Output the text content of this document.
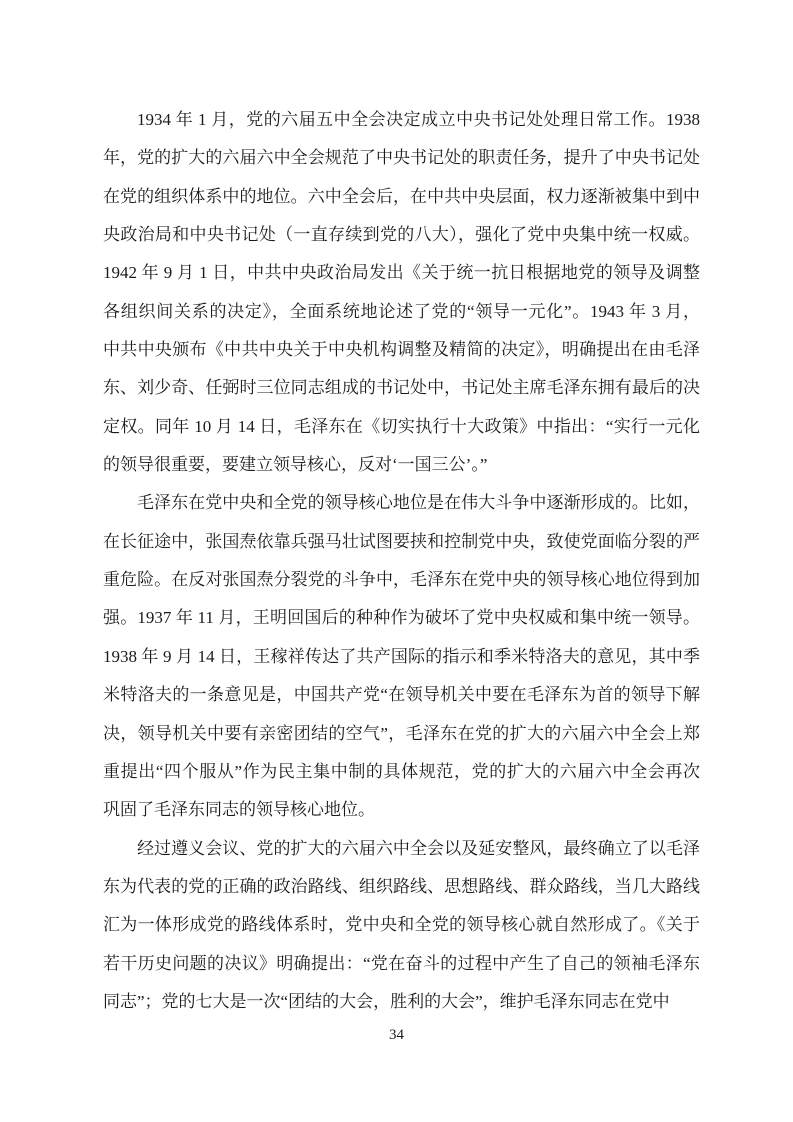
1934 年 1 月，党的六届五中全会决定成立中央书记处处理日常工作。1938
年，党的扩大的六届六中全会规范了中央书记处的职责任务，提升了中央书记处
在党的组织体系中的地位。六中全会后，在中共中央层面，权力逐渐被集中到中
央政治局和中央书记处（一直存续到党的八大），强化了党中央集中统一权威。
1942 年 9 月 1 日，中共中央政治局发出《关于统一抗日根据地党的领导及调整
各组织间关系的决定》，全面系统地论述了党的“领导一元化”。1943 年 3 月，
中共中央颁布《中共中央关于中央机构调整及精简的决定》，明确提出在由毛泽
东、刘少奇、任弼时三位同志组成的书记处中，书记处主席毛泽东拥有最后的决
定权。同年 10 月 14 日，毛泽东在《切实执行十大政策》中指出：“实行一元化
的领导很重要，要建立领导核心，反对‘一国三公’。”
毛泽东在党中央和全党的领导核心地位是在伟大斗争中逐渐形成的。比如，
在长征途中，张国焘依靠兵强马壮试图要挟和控制党中央，致使党面临分裂的严
重危险。在反对张国焘分裂党的斗争中，毛泽东在党中央的领导核心地位得到加
强。1937 年 11 月，王明回国后的种种作为破坏了党中央权威和集中统一领导。
1938 年 9 月 14 日，王稼祥传达了共产国际的指示和季米特洛夫的意见，其中季
米特洛夫的一条意见是，中国共产党“在领导机关中要在毛泽东为首的领导下解
决，领导机关中要有亲密团结的空气”，毛泽东在党的扩大的六届六中全会上郑
重提出“四个服从”作为民主集中制的具体规范，党的扩大的六届六中全会再次
巩固了毛泽东同志的领导核心地位。
经过遵义会议、党的扩大的六届六中全会以及延安整风，最终确立了以毛泽
东为代表的党的正确的政治路线、组织路线、思想路线、群众路线，当几大路线
汇为一体形成党的路线体系时，党中央和全党的领导核心就自然形成了。《关于
若干历史问题的决议》明确提出：“党在奋斗的过程中产生了自己的领袖毛泽东
同志”；党的七大是一次“团结的大会，胜利的大会”，维护毛泽东同志在党中
34
